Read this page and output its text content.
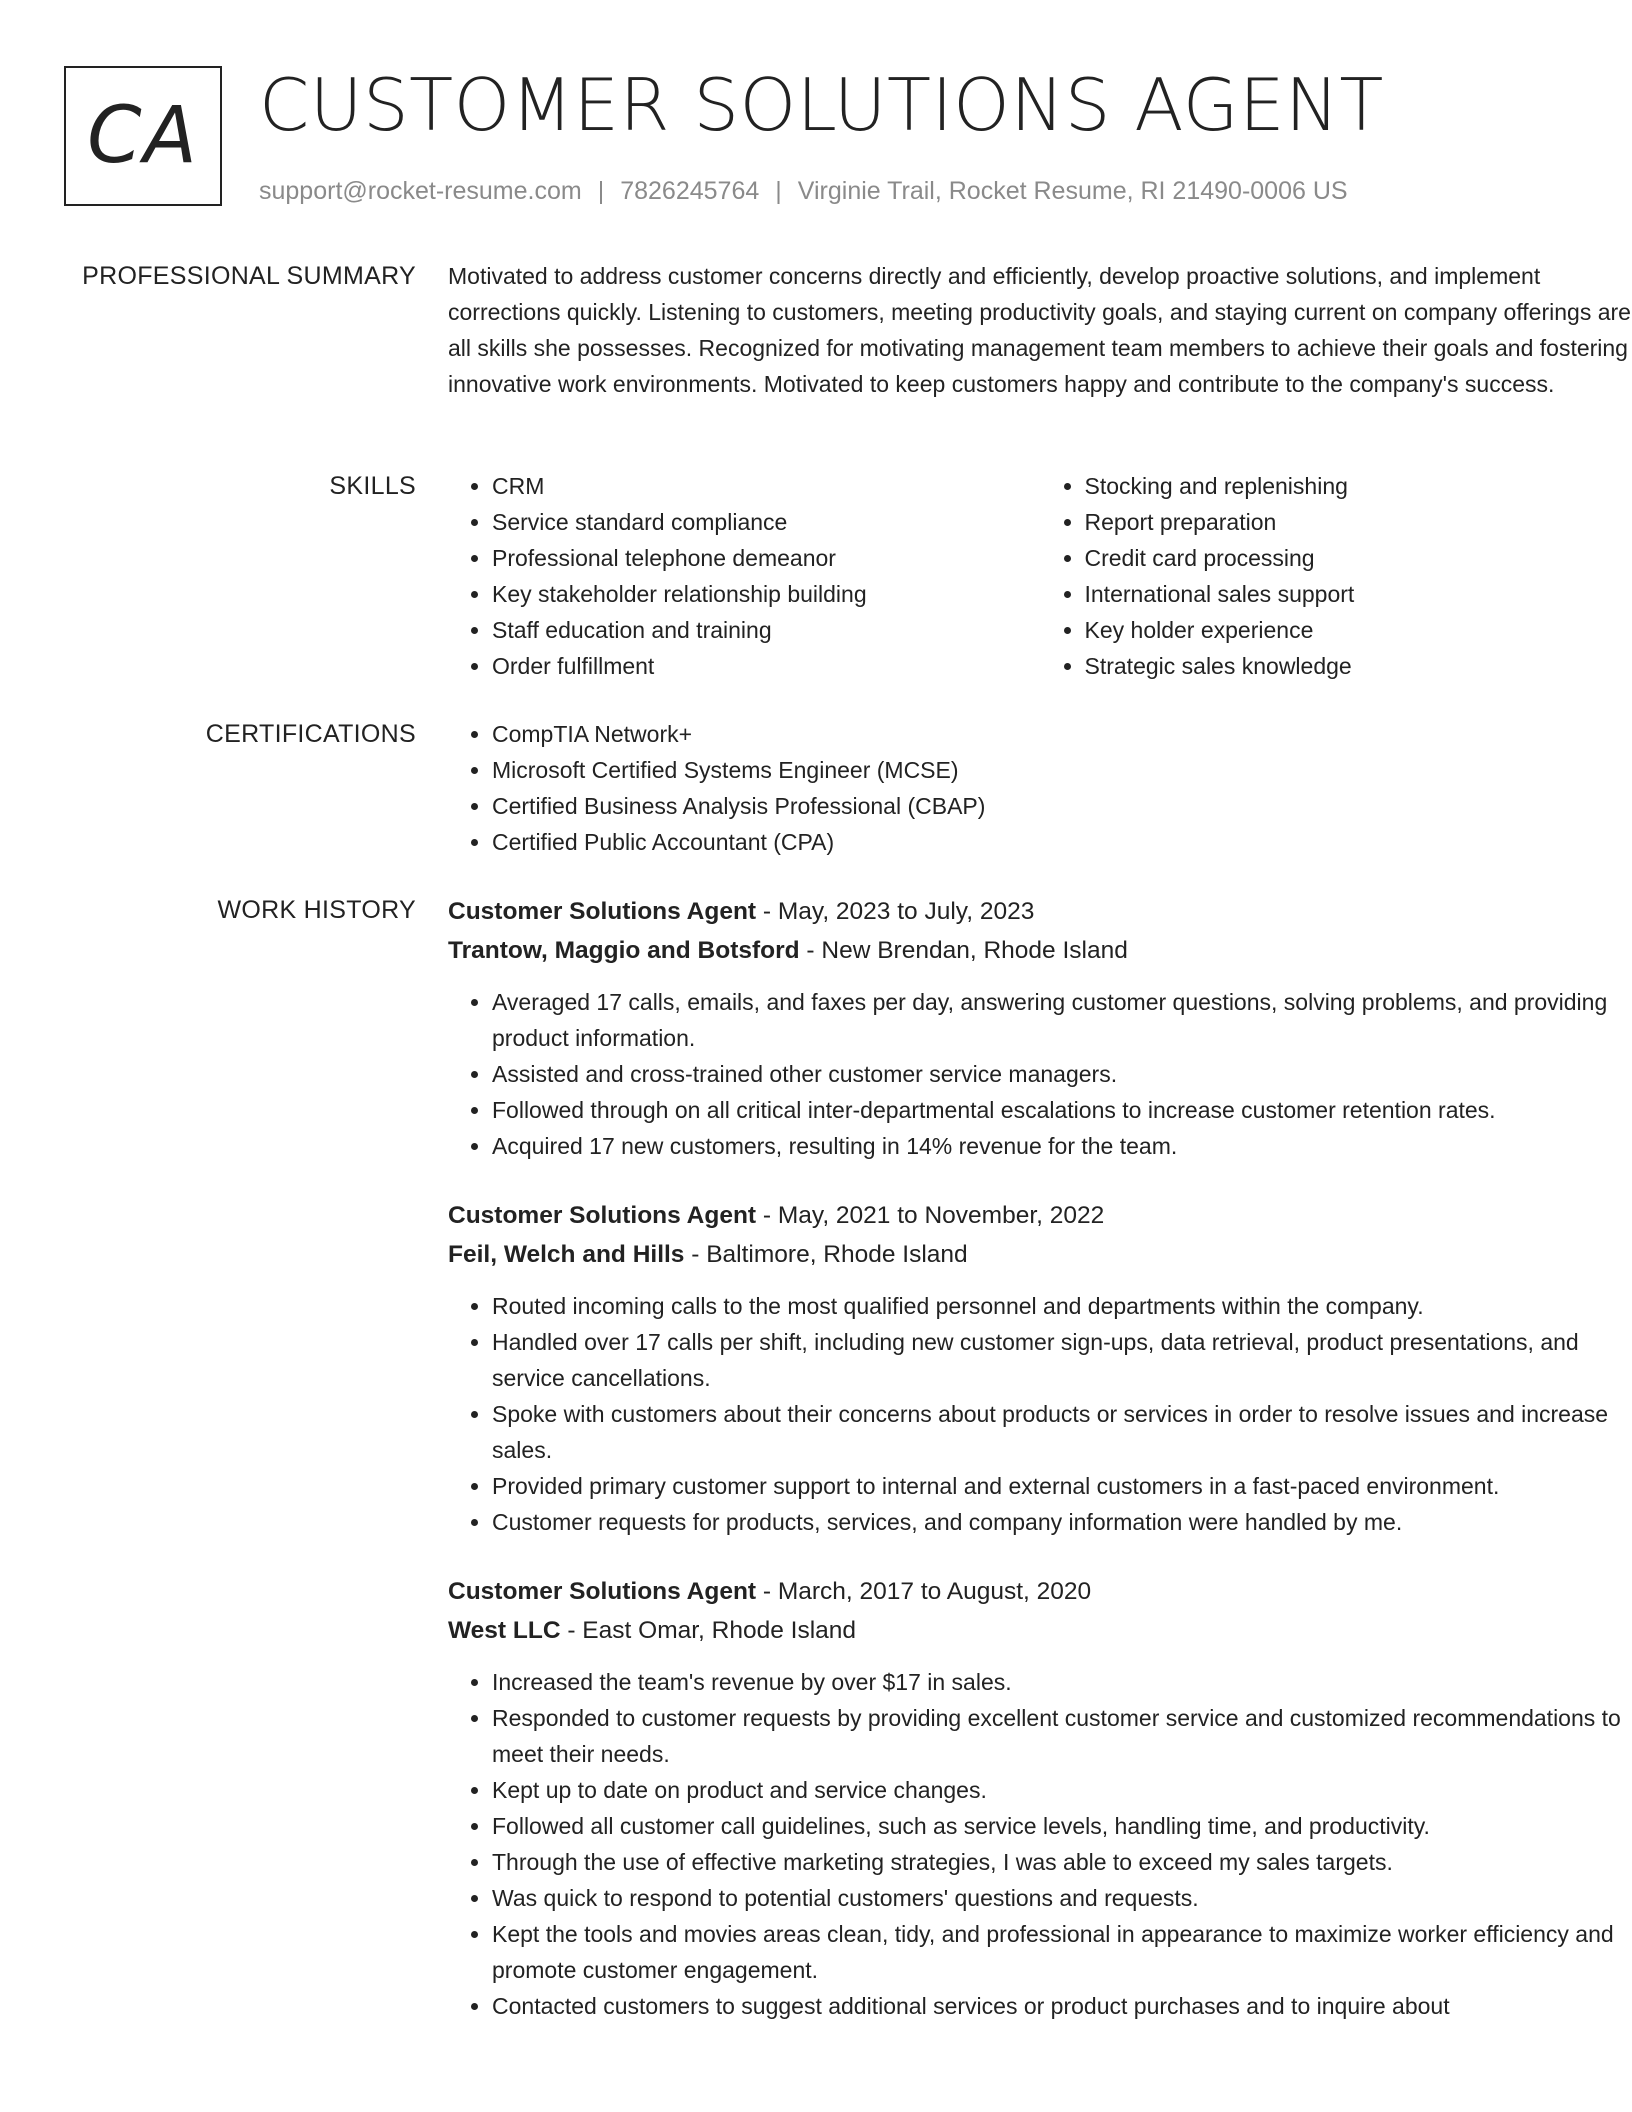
CA CUSTOMER SOLUTIONS AGENT
support@rocket-resume.com | 7826245764 | Virginie Trail, Rocket Resume, RI 21490-0006 US
PROFESSIONAL SUMMARY Motivated to address customer concerns directly and efficiently, develop proactive solutions, and implement corrections quickly. Listening to customers, meeting productivity goals, and staying current on company offerings are all skills she possesses. Recognized for motivating management team members to achieve their goals and fostering innovative work environments. Motivated to keep customers happy and contribute to the company's success.

SKILLS	• CRM
• Service standard compliance
• Professional telephone demeanor
• Key stakeholder relationship building
• Staff education and training
• Order fulfillment
• Stocking and replenishing
• Report preparation
• Credit card processing
• International sales support
• Key holder experience
• Strategic sales knowledge
CERTIFICATIONS	• CompTIA Network+
• Microsoft Certified Systems Engineer (MCSE)
• Certified Business Analysis Professional (CBAP)
• Certified Public Accountant (CPA)
WORK HISTORY Customer Solutions Agent - May, 2023 to July, 2023
Trantow, Maggio and Botsford - New Brendan, Rhode Island
• Averaged 17 calls, emails, and faxes per day, answering customer questions, solving problems, and providing product information.
• Assisted and cross-trained other customer service managers.
• Followed through on all critical inter-departmental escalations to increase customer retention rates.
• Acquired 17 new customers, resulting in 14% revenue for the team.
Customer Solutions Agent - May, 2021 to November, 2022
Feil, Welch and Hills - Baltimore, Rhode Island
• Routed incoming calls to the most qualified personnel and departments within the company.
• Handled over 17 calls per shift, including new customer sign-ups, data retrieval, product presentations, and service cancellations.
• Spoke with customers about their concerns about products or services in order to resolve issues and increase sales.
• Provided primary customer support to internal and external customers in a fast-paced environment.
• Customer requests for products, services, and company information were handled by me.
Customer Solutions Agent - March, 2017 to August, 2020
West LLC - East Omar, Rhode Island
• Increased the team's revenue by over $17 in sales.
• Responded to customer requests by providing excellent customer service and customized recommendations to meet their needs.
• Kept up to date on product and service changes.
• Followed all customer call guidelines, such as service levels, handling time, and productivity.
• Through the use of effective marketing strategies, I was able to exceed my sales targets.
• Was quick to respond to potential customers' questions and requests.
• Kept the tools and movies areas clean, tidy, and professional in appearance to maximize worker efficiency and promote customer engagement.
• Contacted customers to suggest additional services or product purchases and to inquire about
